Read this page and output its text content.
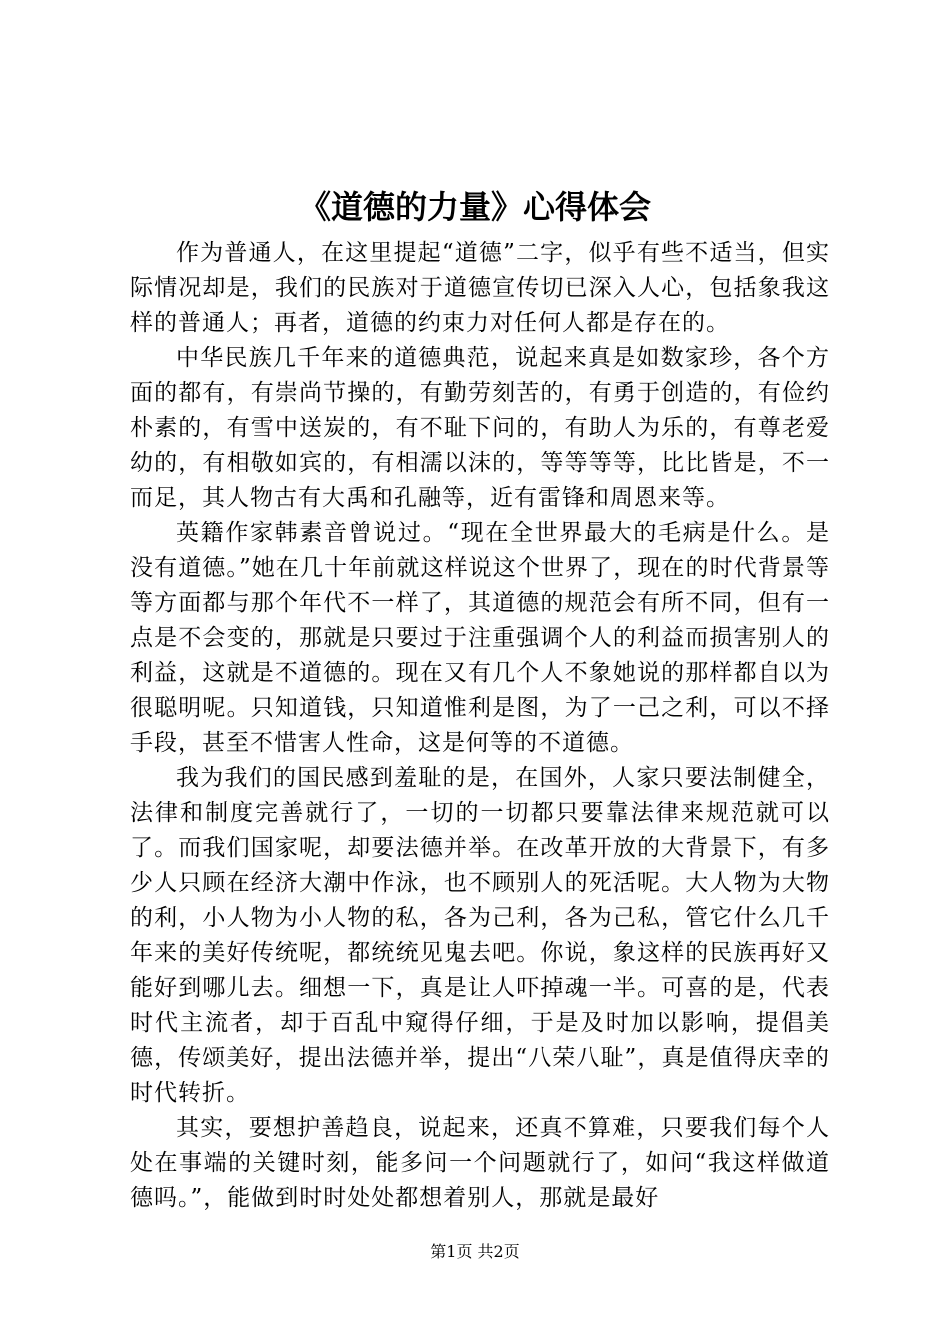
《道德的力量》心得体会

作为普通人，在这里提起“道德”二字，似乎有些不适当，但实际情况却是，我们的民族对于道德宣传切已深入人心，包括象我这样的普通人；再者，道德的约束力对任何人都是存在的。

中华民族几千年来的道德典范，说起来真是如数家珍，各个方面的都有，有崇尚节操的，有勤劳刻苦的，有勇于创造的，有俭约朴素的，有雪中送炭的，有不耻下问的，有助人为乐的，有尊老爱幼的，有相敬如宾的，有相濡以沫的，等等等等，比比皆是，不一而足，其人物古有大禹和孔融等，近有雷锋和周恩来等。

英籍作家韩素音曾说过。“现在全世界最大的毛病是什么。是没有道德。”她在几十年前就这样说这个世界了，现在的时代背景等等方面都与那个年代不一样了，其道德的规范会有所不同，但有一点是不会变的，那就是只要过于注重强调个人的利益而损害别人的利益，这就是不道德的。现在又有几个人不象她说的那样都自以为很聪明呢。只知道钱，只知道惟利是图，为了一己之利，可以不择手段，甚至不惜害人性命，这是何等的不道德。

我为我们的国民感到羞耻的是，在国外，人家只要法制健全，法律和制度完善就行了，一切的一切都只要靠法律来规范就可以了。而我们国家呢，却要法德并举。在改革开放的大背景下，有多少人只顾在经济大潮中作泳，也不顾别人的死活呢。大人物为大物的利，小人物为小人物的私，各为己利，各为己私，管它什么几千年来的美好传统呢，都统统见鬼去吧。你说，象这样的民族再好又能好到哪儿去。细想一下，真是让人吓掉魂一半。可喜的是，代表时代主流者，却于百乱中窥得仔细，于是及时加以影响，提倡美德，传颂美好，提出法德并举，提出“八荣八耻”，真是值得庆幸的时代转折。

其实，要想护善趋良，说起来，还真不算难，只要我们每个人处在事端的关键时刻，能多问一个问题就行了，如问“我这样做道德吗。”，能做到时时处处都想着别人，那就是最好

第1页 共2页
